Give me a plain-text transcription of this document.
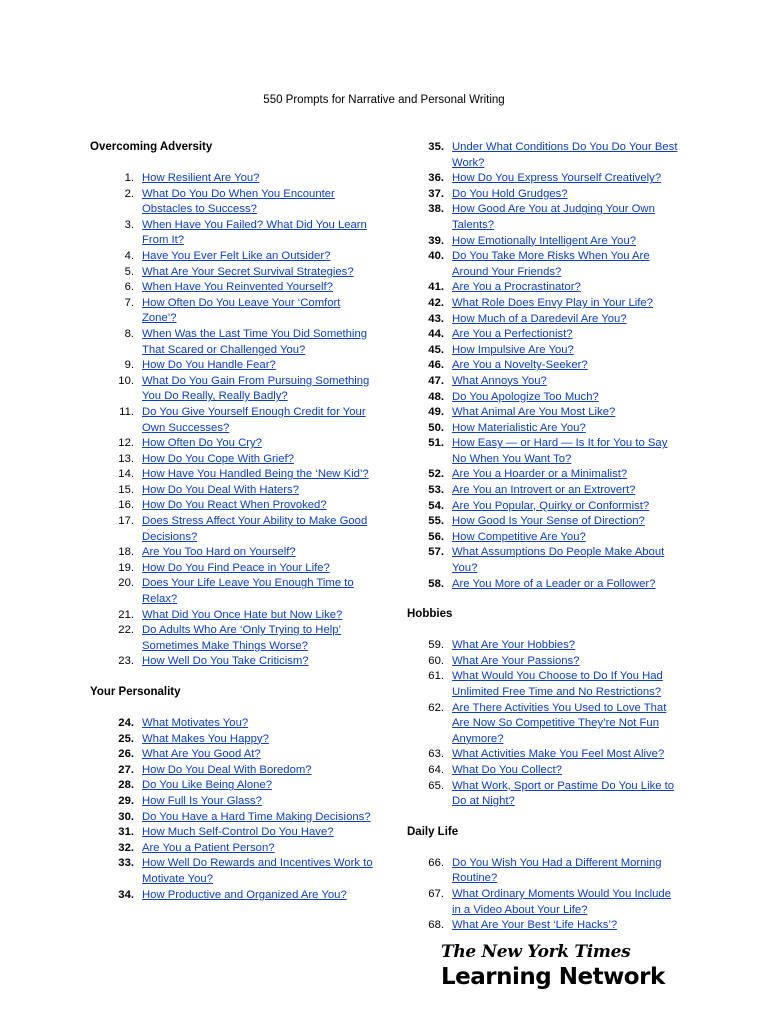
550 Prompts for Narrative and Personal Writing
Overcoming Adversity
1. How Resilient Are You?
2. What Do You Do When You Encounter Obstacles to Success?
3. When Have You Failed? What Did You Learn From It?
4. Have You Ever Felt Like an Outsider?
5. What Are Your Secret Survival Strategies?
6. When Have You Reinvented Yourself?
7. How Often Do You Leave Your ‘Comfort Zone’?
8. When Was the Last Time You Did Something That Scared or Challenged You?
9. How Do You Handle Fear?
10. What Do You Gain From Pursuing Something You Do Really, Really Badly?
11. Do You Give Yourself Enough Credit for Your Own Successes?
12. How Often Do You Cry?
13. How Do You Cope With Grief?
14. How Have You Handled Being the ‘New Kid’?
15. How Do You Deal With Haters?
16. How Do You React When Provoked?
17. Does Stress Affect Your Ability to Make Good Decisions?
18. Are You Too Hard on Yourself?
19. How Do You Find Peace in Your Life?
20. Does Your Life Leave You Enough Time to Relax?
21. What Did You Once Hate but Now Like?
22. Do Adults Who Are ‘Only Trying to Help’ Sometimes Make Things Worse?
23. How Well Do You Take Criticism?
Your Personality
24. What Motivates You?
25. What Makes You Happy?
26. What Are You Good At?
27. How Do You Deal With Boredom?
28. Do You Like Being Alone?
29. How Full Is Your Glass?
30. Do You Have a Hard Time Making Decisions?
31. How Much Self-Control Do You Have?
32. Are You a Patient Person?
33. How Well Do Rewards and Incentives Work to Motivate You?
34. How Productive and Organized Are You?
35. Under What Conditions Do You Do Your Best Work?
36. How Do You Express Yourself Creatively?
37. Do You Hold Grudges?
38. How Good Are You at Judging Your Own Talents?
39. How Emotionally Intelligent Are You?
40. Do You Take More Risks When You Are Around Your Friends?
41. Are You a Procrastinator?
42. What Role Does Envy Play in Your Life?
43. How Much of a Daredevil Are You?
44. Are You a Perfectionist?
45. How Impulsive Are You?
46. Are You a Novelty-Seeker?
47. What Annoys You?
48. Do You Apologize Too Much?
49. What Animal Are You Most Like?
50. How Materialistic Are You?
51. How Easy — or Hard — Is It for You to Say No When You Want To?
52. Are You a Hoarder or a Minimalist?
53. Are You an Introvert or an Extrovert?
54. Are You Popular, Quirky or Conformist?
55. How Good Is Your Sense of Direction?
56. How Competitive Are You?
57. What Assumptions Do People Make About You?
58. Are You More of a Leader or a Follower?
Hobbies
59. What Are Your Hobbies?
60. What Are Your Passions?
61. What Would You Choose to Do If You Had Unlimited Free Time and No Restrictions?
62. Are There Activities You Used to Love That Are Now So Competitive They’re Not Fun Anymore?
63. What Activities Make You Feel Most Alive?
64. What Do You Collect?
65. What Work, Sport or Pastime Do You Like to Do at Night?
Daily Life
66. Do You Wish You Had a Different Morning Routine?
67. What Ordinary Moments Would You Include in a Video About Your Life?
68. What Are Your Best ‘Life Hacks’?
The New York Times
Learning Network
